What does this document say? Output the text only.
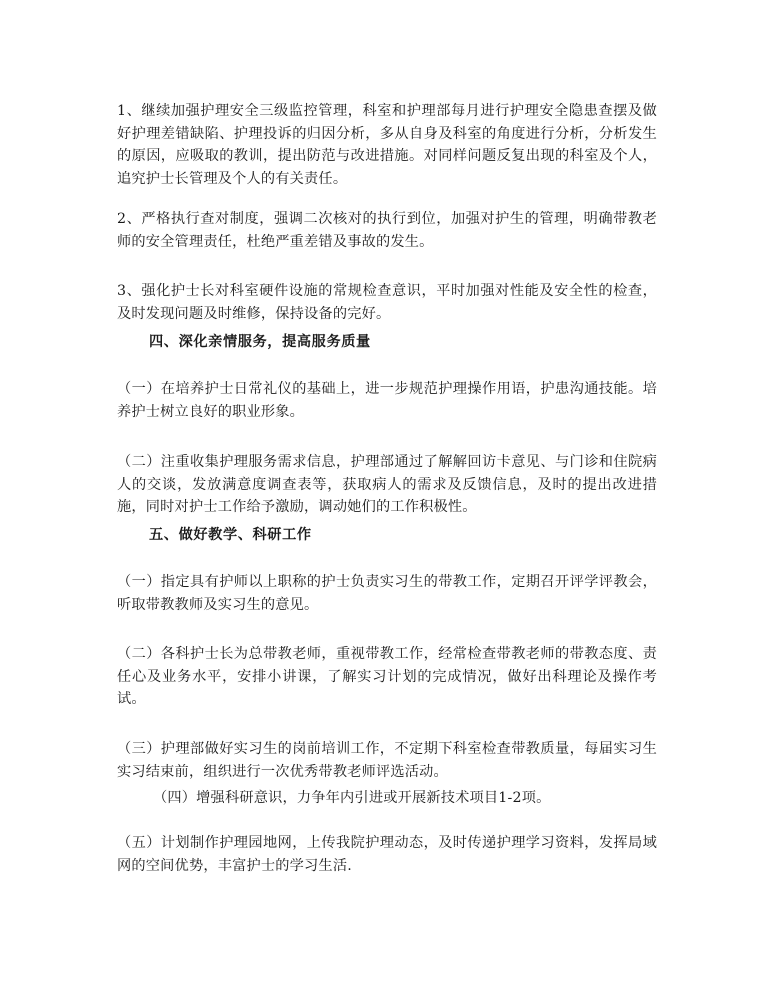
1、继续加强护理安全三级监控管理，科室和护理部每月进行护理安全隐患查摆及做好护理差错缺陷、护理投诉的归因分析，多从自身及科室的角度进行分析，分析发生的原因，应吸取的教训，提出防范与改进措施。对同样问题反复出现的科室及个人，追究护士长管理及个人的有关责任。

2、严格执行查对制度，强调二次核对的执行到位，加强对护生的管理，明确带教老师的安全管理责任，杜绝严重差错及事故的发生。

3、强化护士长对科室硬件设施的常规检查意识，平时加强对性能及安全性的检查，及时发现问题及时维修，保持设备的完好。

四、深化亲情服务，提高服务质量

（一）在培养护士日常礼仪的基础上，进一步规范护理操作用语，护患沟通技能。培养护士树立良好的职业形象。

（二）注重收集护理服务需求信息，护理部通过了解解回访卡意见、与门诊和住院病人的交谈，发放满意度调查表等，获取病人的需求及反馈信息，及时的提出改进措施，同时对护士工作给予激励，调动她们的工作积极性。

五、做好教学、科研工作

（一）指定具有护师以上职称的护士负责实习生的带教工作，定期召开评学评教会，听取带教教师及实习生的意见。

（二）各科护士长为总带教老师，重视带教工作，经常检查带教老师的带教态度、责任心及业务水平，安排小讲课，了解实习计划的完成情况，做好出科理论及操作考试。

（三）护理部做好实习生的岗前培训工作，不定期下科室检查带教质量，每届实习生实习结束前，组织进行一次优秀带教老师评选活动。

（四）增强科研意识，力争年内引进或开展新技术项目1-2项。

（五）计划制作护理园地网，上传我院护理动态，及时传递护理学习资料，发挥局域网的空间优势，丰富护士的学习生活.
